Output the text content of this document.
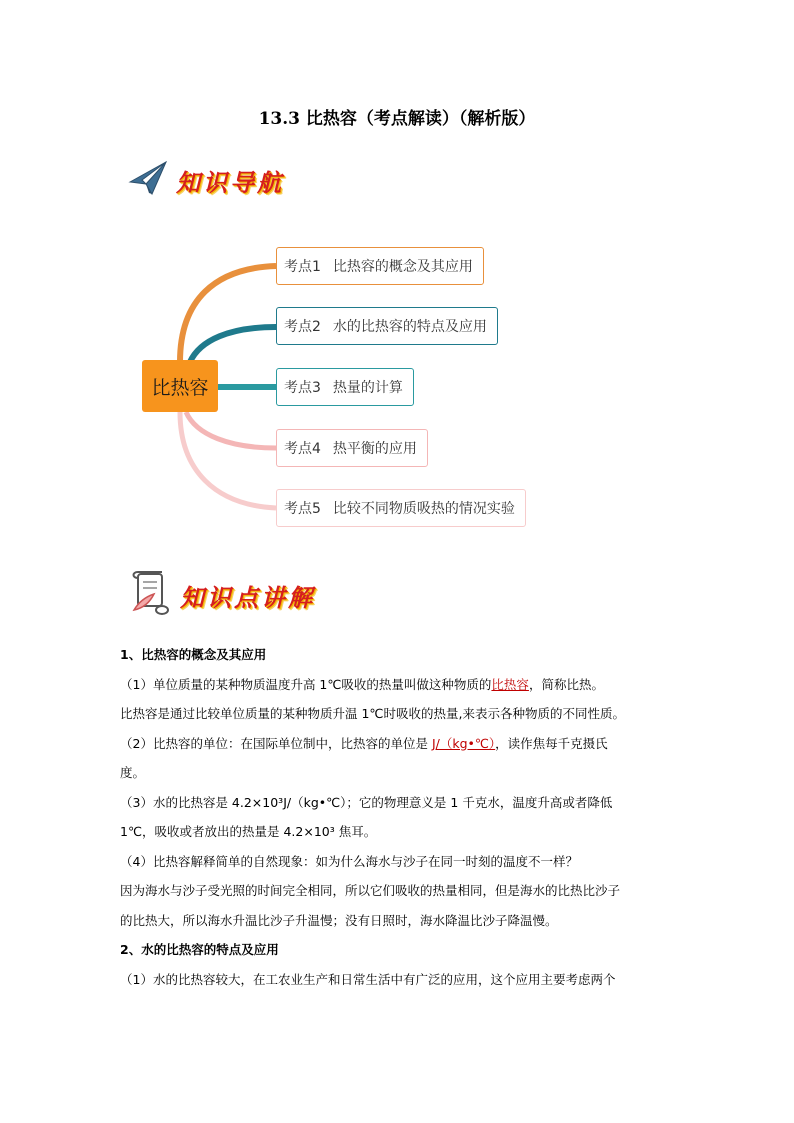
13.3 比热容（考点解读）（解析版）
知识导航
比热容
考点1 比热容的概念及其应用
考点2 水的比热容的特点及应用
考点3 热量的计算
考点4 热平衡的应用
考点5 比较不同物质吸热的情况实验
知识点讲解

1、比热容的概念及其应用

（1）单位质量的某种物质温度升高 1℃吸收的热量叫做这种物质的比热容，简称比热。

比热容是通过比较单位质量的某种物质升温 1℃时吸收的热量,来表示各种物质的不同性质。

（2）比热容的单位：在国际单位制中，比热容的单位是 J/（kg•℃），读作焦每千克摄氏

度。

（3）水的比热容是 4.2×10³J/（kg•℃）；它的物理意义是 1 千克水，温度升高或者降低

1℃，吸收或者放出的热量是 4.2×10³ 焦耳。

（4）比热容解释简单的自然现象：如为什么海水与沙子在同一时刻的温度不一样？

因为海水与沙子受光照的时间完全相同，所以它们吸收的热量相同，但是海水的比热比沙子

的比热大，所以海水升温比沙子升温慢；没有日照时，海水降温比沙子降温慢。

2、水的比热容的特点及应用

（1）水的比热容较大，在工农业生产和日常生活中有广泛的应用，这个应用主要考虑两个
